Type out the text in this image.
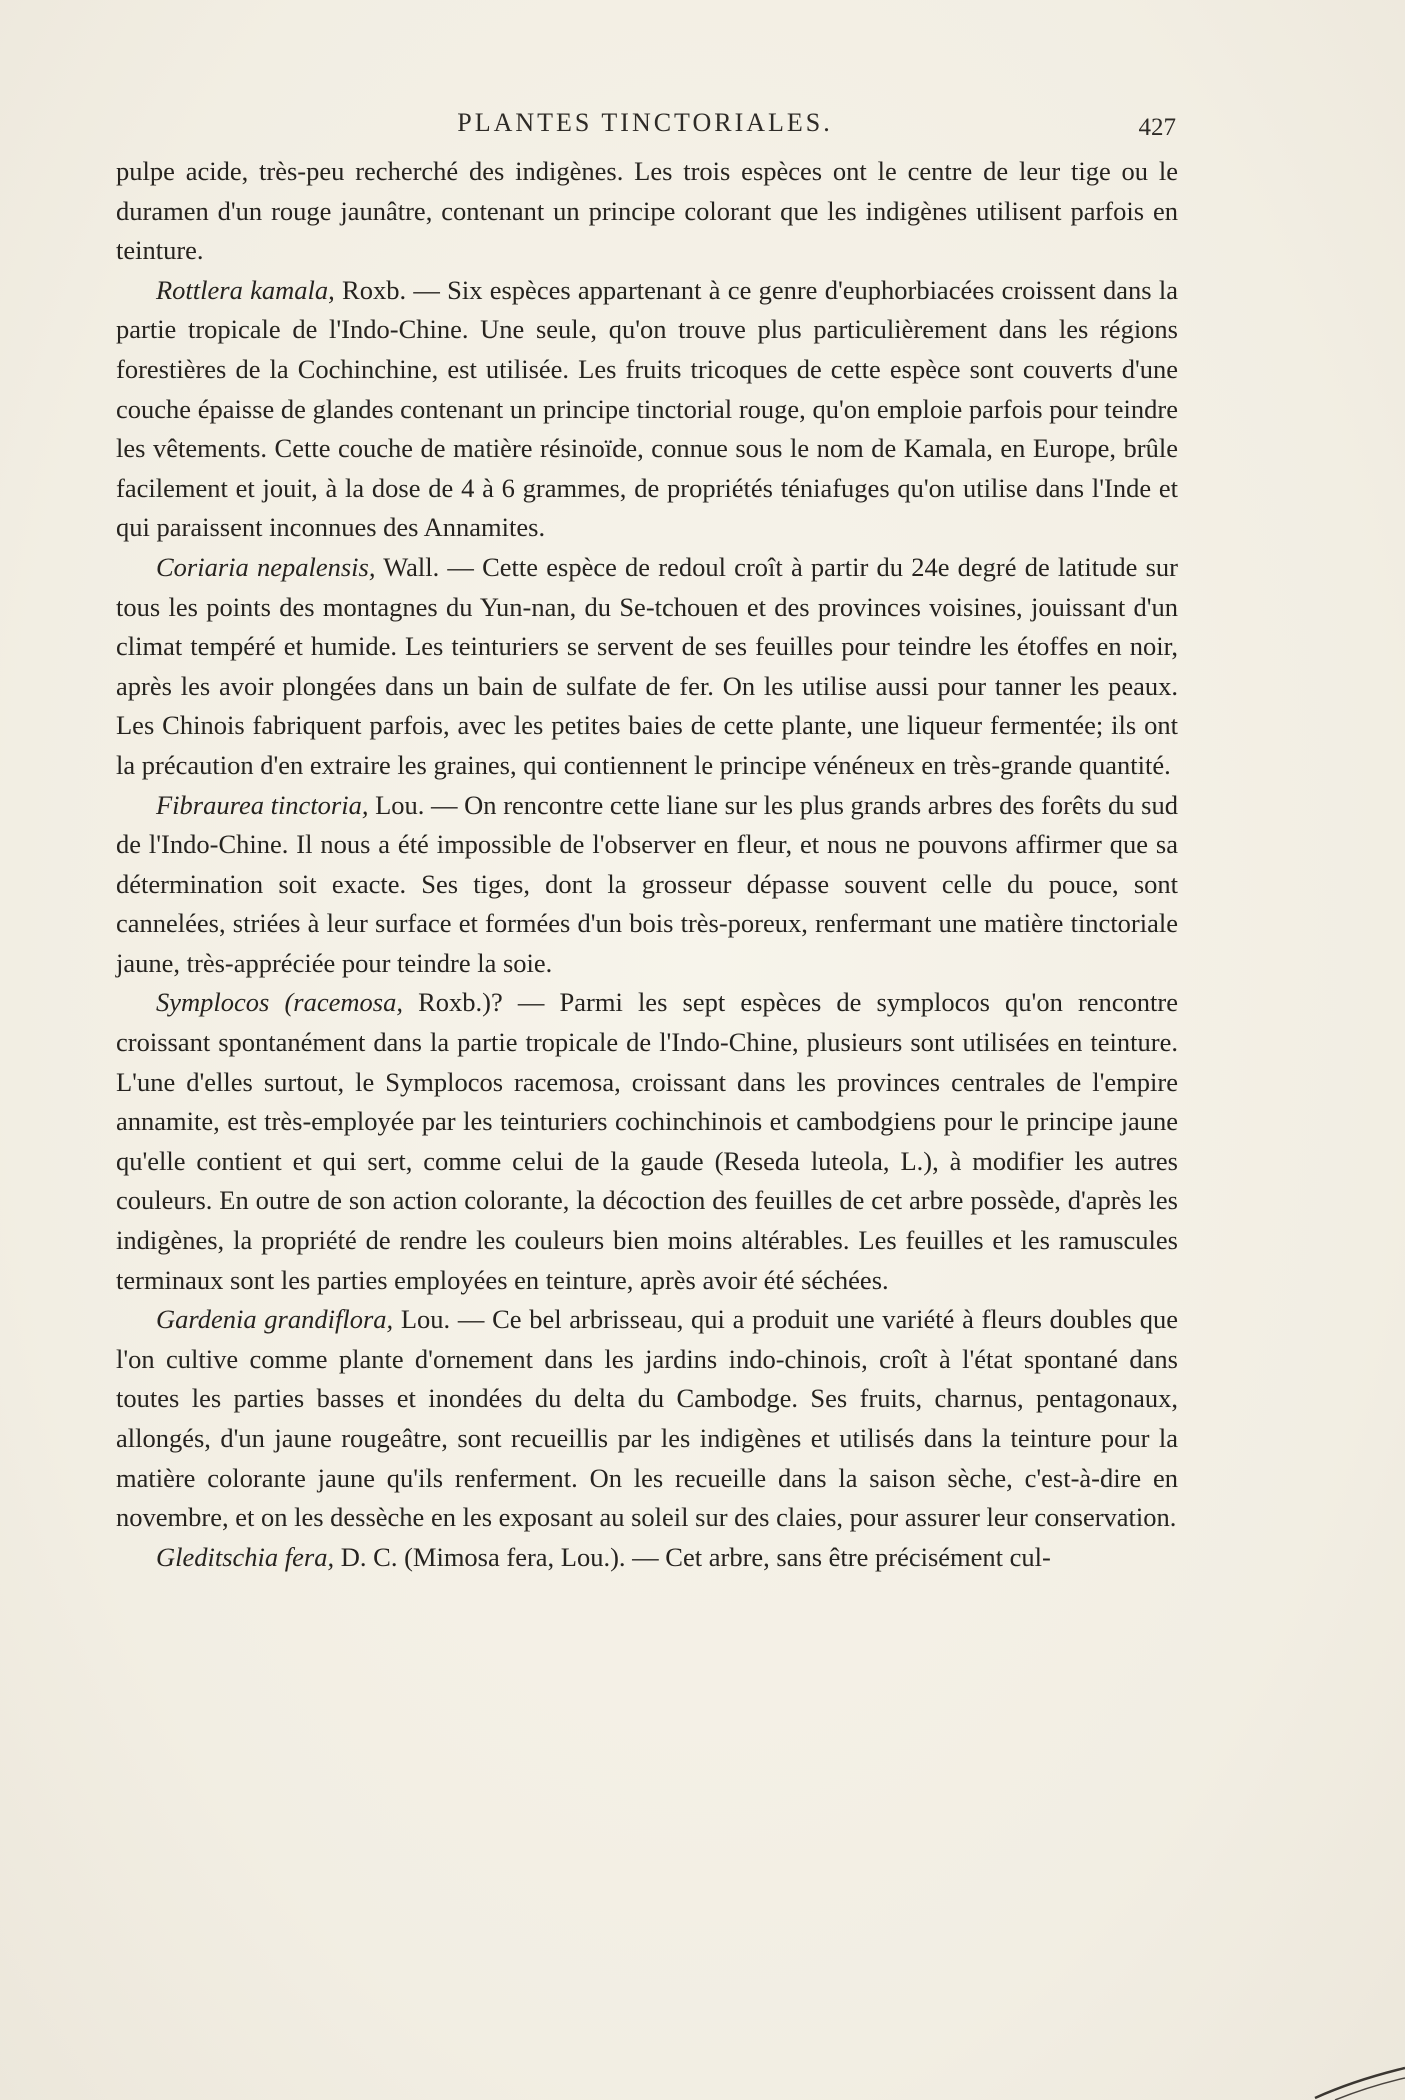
PLANTES TINCTORIALES.	427

pulpe acide, très-peu recherché des indigènes. Les trois espèces ont le centre de leur tige ou le duramen d'un rouge jaunâtre, contenant un principe colorant que les indigènes utilisent parfois en teinture.

Rottlera kamala, Roxb. — Six espèces appartenant à ce genre d'euphorbiacées croissent dans la partie tropicale de l'Indo-Chine. Une seule, qu'on trouve plus particulièrement dans les régions forestières de la Cochinchine, est utilisée. Les fruits tricoques de cette espèce sont couverts d'une couche épaisse de glandes contenant un principe tinctorial rouge, qu'on emploie parfois pour teindre les vêtements. Cette couche de matière résinoïde, connue sous le nom de Kamala, en Europe, brûle facilement et jouit, à la dose de 4 à 6 grammes, de propriétés téniafuges qu'on utilise dans l'Inde et qui paraissent inconnues des Annamites.

Coriaria nepalensis, Wall. — Cette espèce de redoul croît à partir du 24e degré de latitude sur tous les points des montagnes du Yun-nan, du Se-tchouen et des provinces voisines, jouissant d'un climat tempéré et humide. Les teinturiers se servent de ses feuilles pour teindre les étoffes en noir, après les avoir plongées dans un bain de sulfate de fer. On les utilise aussi pour tanner les peaux. Les Chinois fabriquent parfois, avec les petites baies de cette plante, une liqueur fermentée; ils ont la précaution d'en extraire les graines, qui contiennent le principe vénéneux en très-grande quantité.

Fibraurea tinctoria, Lou. — On rencontre cette liane sur les plus grands arbres des forêts du sud de l'Indo-Chine. Il nous a été impossible de l'observer en fleur, et nous ne pouvons affirmer que sa détermination soit exacte. Ses tiges, dont la grosseur dépasse souvent celle du pouce, sont cannelées, striées à leur surface et formées d'un bois très-poreux, renfermant une matière tinctoriale jaune, très-appréciée pour teindre la soie.

Symplocos (racemosa, Roxb.)? — Parmi les sept espèces de symplocos qu'on rencontre croissant spontanément dans la partie tropicale de l'Indo-Chine, plusieurs sont utilisées en teinture. L'une d'elles surtout, le Symplocos racemosa, croissant dans les provinces centrales de l'empire annamite, est très-employée par les teinturiers cochinchinois et cambodgiens pour le principe jaune qu'elle contient et qui sert, comme celui de la gaude (Reseda luteola, L.), à modifier les autres couleurs. En outre de son action colorante, la décoction des feuilles de cet arbre possède, d'après les indigènes, la propriété de rendre les couleurs bien moins altérables. Les feuilles et les ramuscules terminaux sont les parties employées en teinture, après avoir été séchées.

Gardenia grandiflora, Lou. — Ce bel arbrisseau, qui a produit une variété à fleurs doubles que l'on cultive comme plante d'ornement dans les jardins indo-chinois, croît à l'état spontané dans toutes les parties basses et inondées du delta du Cambodge. Ses fruits, charnus, pentagonaux, allongés, d'un jaune rougeâtre, sont recueillis par les indigènes et utilisés dans la teinture pour la matière colorante jaune qu'ils renferment. On les recueille dans la saison sèche, c'est-à-dire en novembre, et on les dessèche en les exposant au soleil sur des claies, pour assurer leur conservation.

Gleditschia fera, D. C. (Mimosa fera, Lou.). — Cet arbre, sans être précisément cul-
